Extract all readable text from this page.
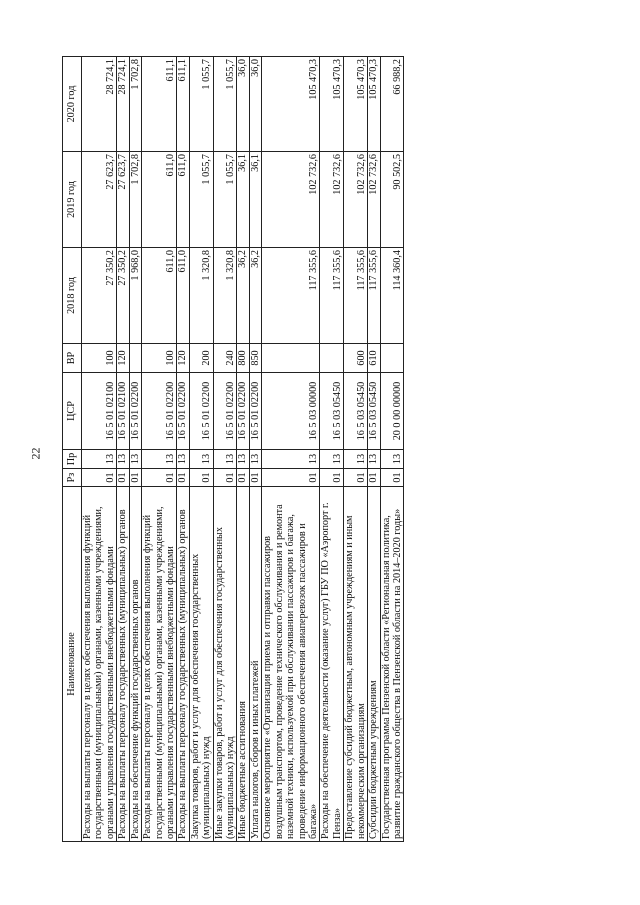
22
Наименование	Рз	Пр	ЦСР	ВР	2018 год	2019 год	2020 год
Расходы на выплаты персоналу в целях обеспечения выполнения функций государственными (муниципальными) органами, казенными учреждениями, органами управления государственными внебюджетными фондами	01	13	16 5 01 02100	100	27 350,2	27 623,7	28 724,1
Расходы на выплаты персоналу государственных (муниципальных) органов	01	13	16 5 01 02100	120	27 350,2	27 623,7	28 724,1
Расходы на обеспечение функций государственных органов	01	13	16 5 01 02200		1 968,0	1 702,8	1 702,8
Расходы на выплаты персоналу в целях обеспечения выполнения функций государственными (муниципальными) органами, казенными учреждениями, органами управления государственными внебюджетными фондами	01	13	16 5 01 02200	100	611,0	611,0	611,1
Расходы на выплаты персоналу государственных (муниципальных) органов	01	13	16 5 01 02200	120	611,0	611,0	611,1
Закупка товаров, работ и услуг для обеспечения государственных (муниципальных) нужд	01	13	16 5 01 02200	200	1 320,8	1 055,7	1 055,7
Иные закупки товаров, работ и услуг для обеспечения государственных (муниципальных) нужд	01	13	16 5 01 02200	240	1 320,8	1 055,7	1 055,7
Иные бюджетные ассигнования	01	13	16 5 01 02200	800	36,2	36,1	36,0
Уплата налогов, сборов и иных платежей	01	13	16 5 01 02200	850	36,2	36,1	36,0
Основное мероприятие «Организация приема и отправки пассажиров воздушным транспортом, проведение технического обслуживания и ремонта наземной техники, используемой при обслуживании пассажиров и багажа, проведение информационного обеспечения авиаперевозок пассажиров и багажа»	01	13	16 5 03 00000		117 355,6	102 732,6	105 470,3
Расходы на обеспечение деятельности (оказание услуг) ГБУ ПО «Аэропорт г. Пенза»	01	13	16 5 03 05450		117 355,6	102 732,6	105 470,3
Предоставление субсидий бюджетным, автономным учреждениям и иным некоммерческим организациям	01	13	16 5 03 05450	600	117 355,6	102 732,6	105 470,3
Субсидии бюджетным учреждениям	01	13	16 5 03 05450	610	117 355,6	102 732,6	105 470,3
Государственная программа Пензенской области «Региональная политика, развитие гражданского общества в Пензенской области на 2014–2020 годы»	01	13	20 0 00 00000		114 360,4	90 502,5	66 988,2
